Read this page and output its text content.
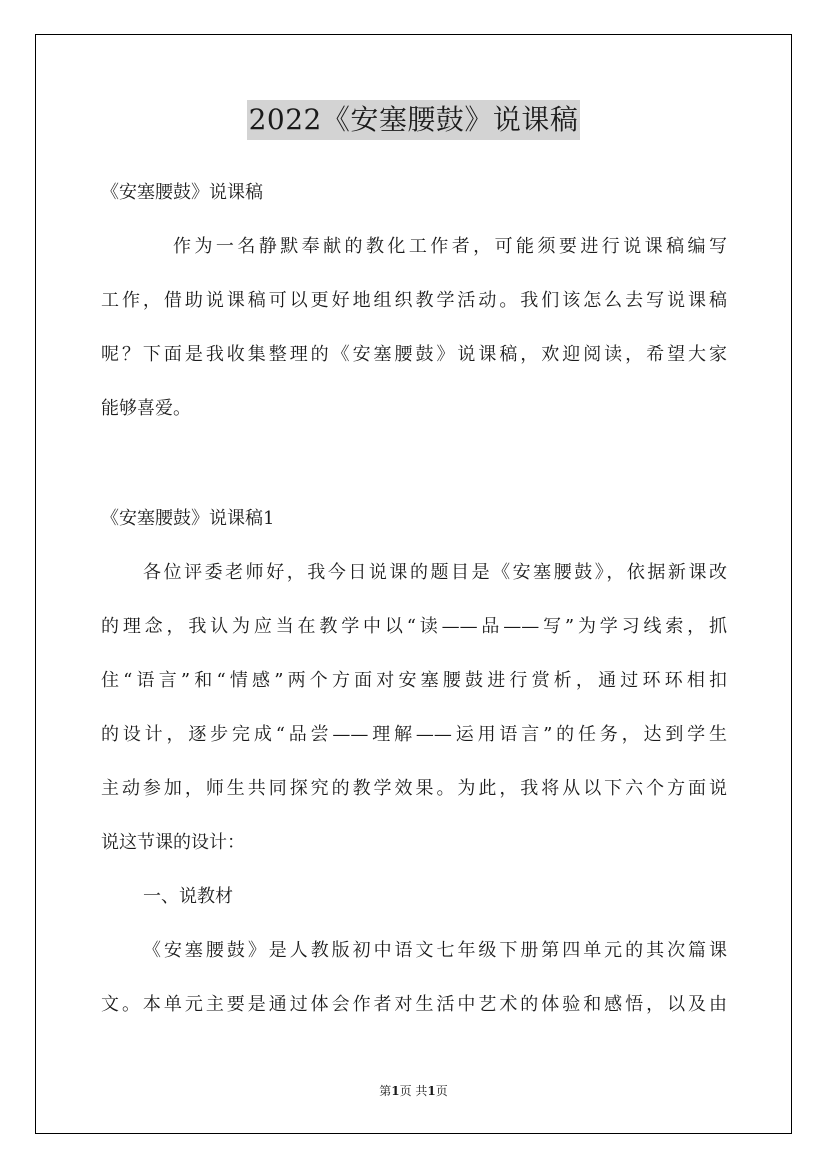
2022《安塞腰鼓》说课稿
《安塞腰鼓》说课稿
作为一名静默奉献的教化工作者，可能须要进行说课稿编写
工作，借助说课稿可以更好地组织教学活动。我们该怎么去写说课稿
呢？下面是我收集整理的《安塞腰鼓》说课稿，欢迎阅读，希望大家
能够喜爱。
《安塞腰鼓》说课稿1
各位评委老师好，我今日说课的题目是《安塞腰鼓》，依据新课改
的理念，我认为应当在教学中以“读——品——写”为学习线索，抓
住“语言”和“情感”两个方面对安塞腰鼓进行赏析，通过环环相扣
的设计，逐步完成“品尝——理解——运用语言”的任务，达到学生
主动参加，师生共同探究的教学效果。为此，我将从以下六个方面说
说这节课的设计：
一、说教材
《安塞腰鼓》是人教版初中语文七年级下册第四单元的其次篇课
文。本单元主要是通过体会作者对生活中艺术的体验和感悟，以及由
第1页 共1页
